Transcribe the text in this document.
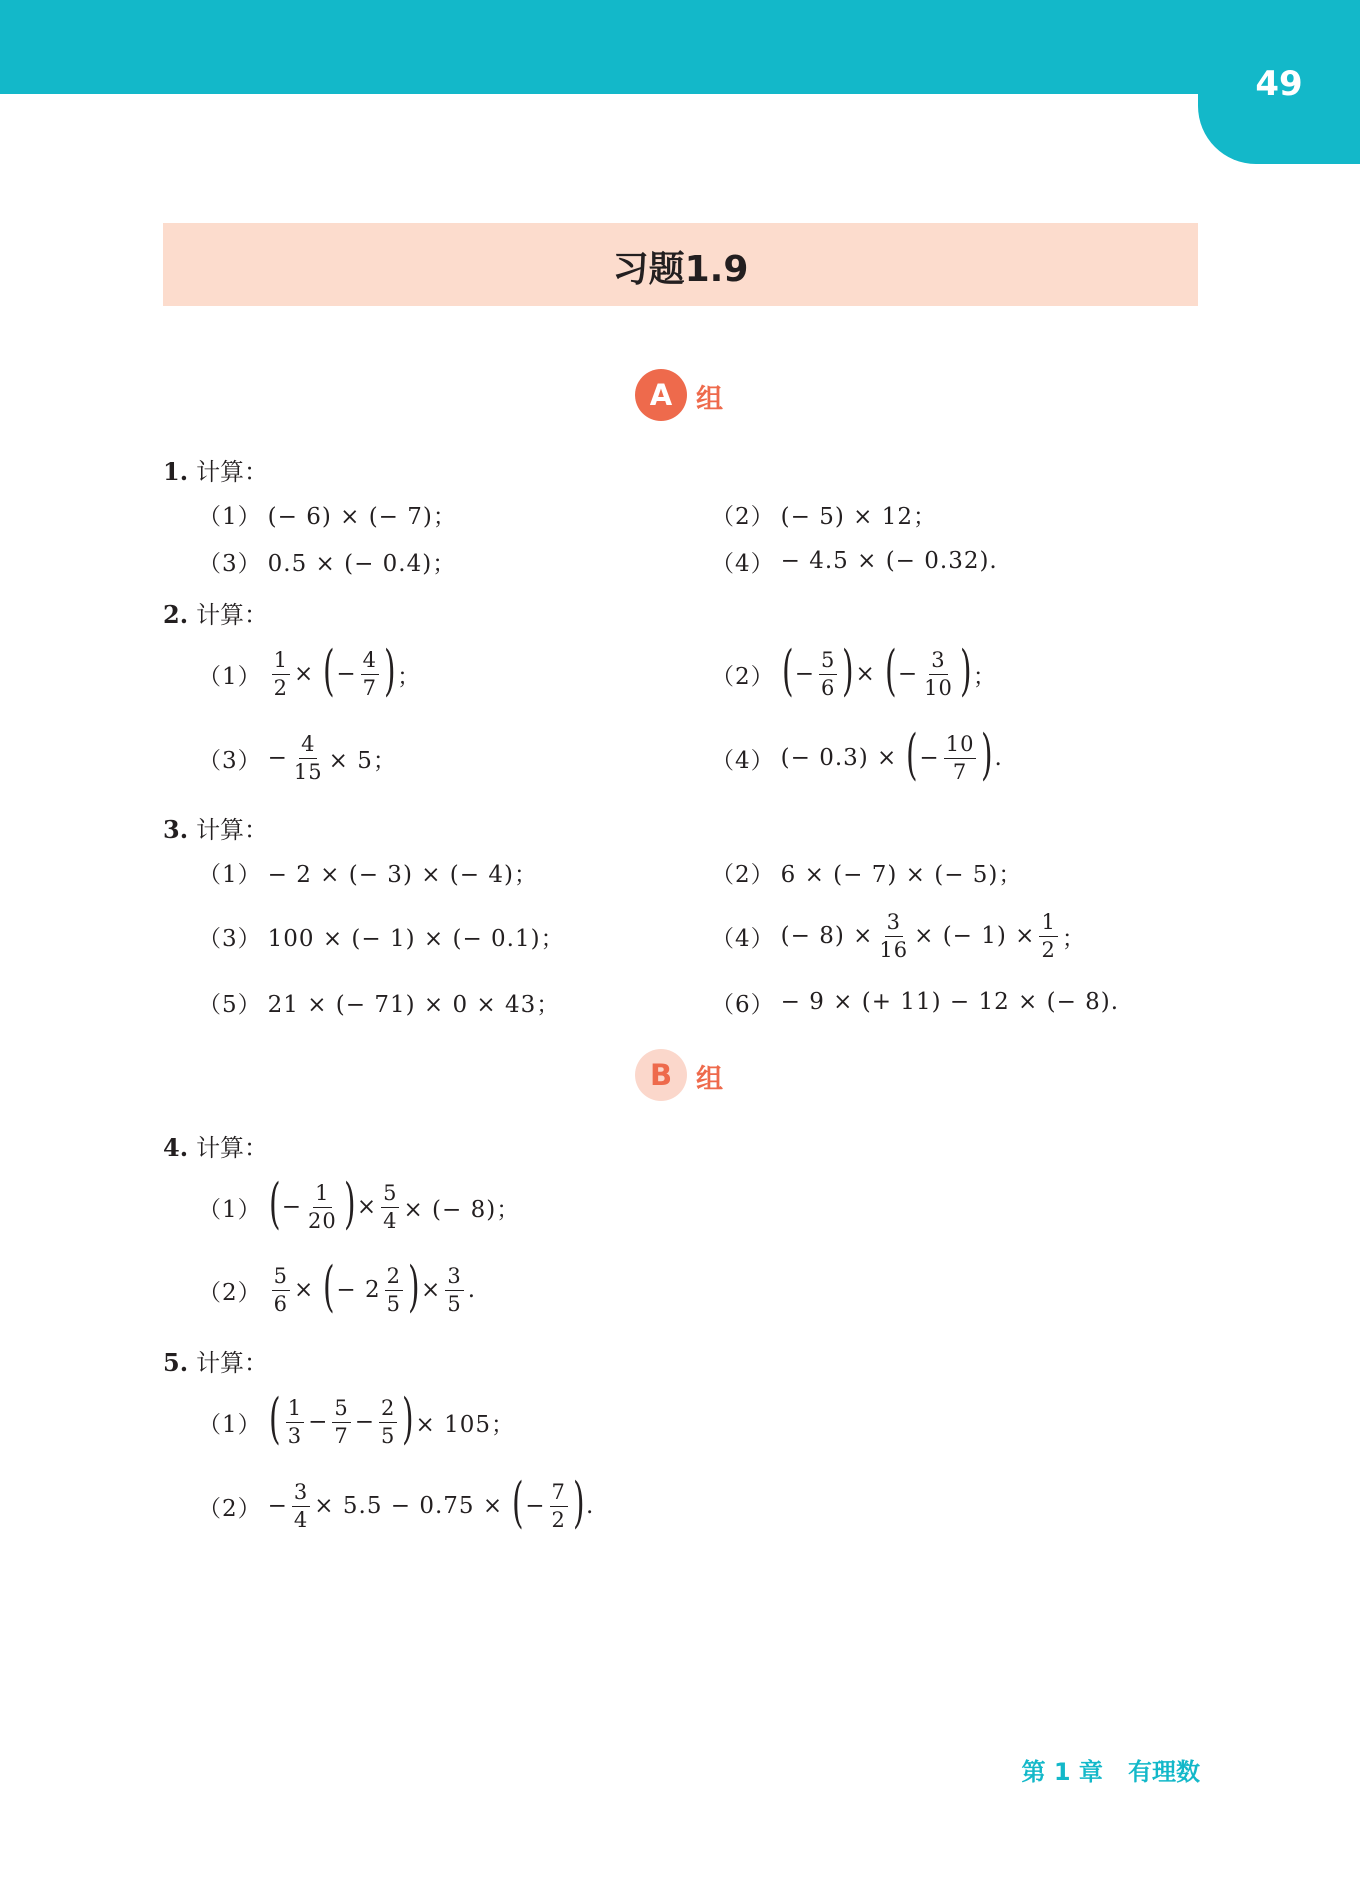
49
习题1.9
A 组
1. 计算：
（1） (− 6) × (− 7)；	（2） (− 5) × 12；
（3） 0.5 × (− 0.4)；	（4） − 4.5 × (− 0.32).
2. 计算：
$(1) \frac{1}{2}$ × ( − $\frac{4}{7}$ ) ；	（2） ( − $\frac{5}{6}$ ) × ( − $\frac{3}{10}$ ) ；
$(3) - \frac{4}{15} \times 5$；	（4） (− 0.3) × ( − $\frac{10}{7}$ ) .
3. 计算：
（1） − 2 × (− 3) × (− 4)；	（2） 6 × (− 7) × (− 5)；
（3） 100 × (− 1) × (− 0.1)；	（4） (− $8) \times \frac{3}{16}$ × (− $1) \times \frac{1}{2}$ ；
（5） 21 × (− 71) × 0 × 43；	（6） − 9 × (+ 11) − 12 × (− 8).
B 组
4. 计算：
（1） ( − $\frac{1}{20}$ ) × $\frac{5}{4}$ × (− 8)；
$(2) \frac{5}{6}$ × ( − $2 \frac{2}{5}$ ) × $\frac{3}{5}$ .
5. 计算：
（1） ( $\frac{1}{3} - \frac{5}{7} - \frac{2}{5}$ ) × 105；
$(2) - \frac{3}{4} \times 5.5 - 0.75$ × ( − $\frac{7}{2}$ ) .
第 1 章 有理数
